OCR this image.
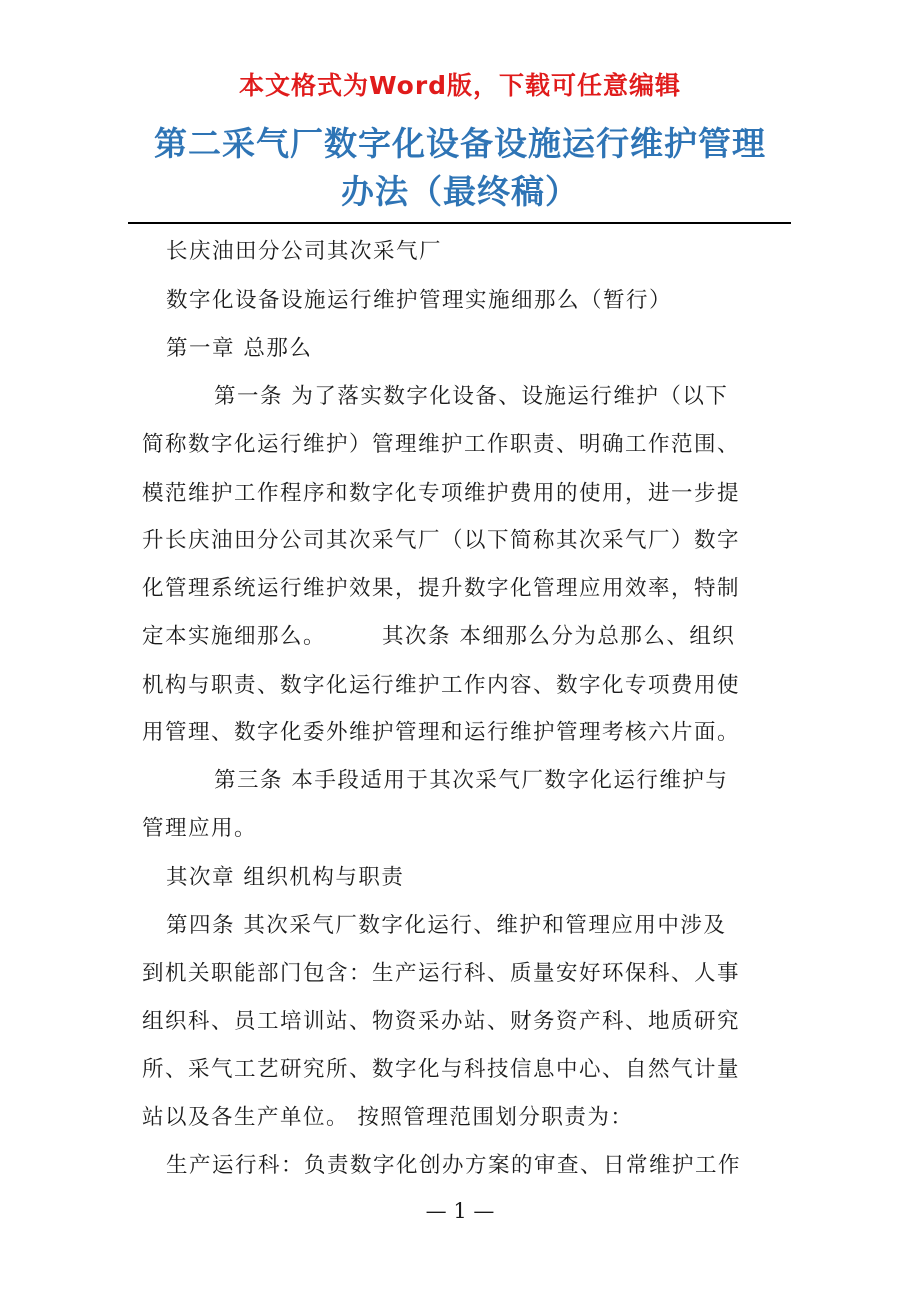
本文格式为Word版，下载可任意编辑
第二采气厂数字化设备设施运行维护管理
办法（最终稿）
长庆油田分公司其次采气厂
数字化设备设施运行维护管理实施细那么（暂行）
第一章 总那么
第一条 为了落实数字化设备、设施运行维护（以下
简称数字化运行维护）管理维护工作职责、明确工作范围、
模范维护工作程序和数字化专项维护费用的使用，进一步提
升长庆油田分公司其次采气厂（以下简称其次采气厂）数字
化管理系统运行维护效果，提升数字化管理应用效率，特制
定本实施细那么。	其次条 本细那么分为总那么、组织
机构与职责、数字化运行维护工作内容、数字化专项费用使
用管理、数字化委外维护管理和运行维护管理考核六片面。
第三条 本手段适用于其次采气厂数字化运行维护与
管理应用。
其次章 组织机构与职责
第四条 其次采气厂数字化运行、维护和管理应用中涉及
到机关职能部门包含：生产运行科、质量安好环保科、人事
组织科、员工培训站、物资采办站、财务资产科、地质研究
所、采气工艺研究所、数字化与科技信息中心、自然气计量
站以及各生产单位。 按照管理范围划分职责为：
生产运行科：负责数字化创办方案的审查、日常维护工作
— 1 —
